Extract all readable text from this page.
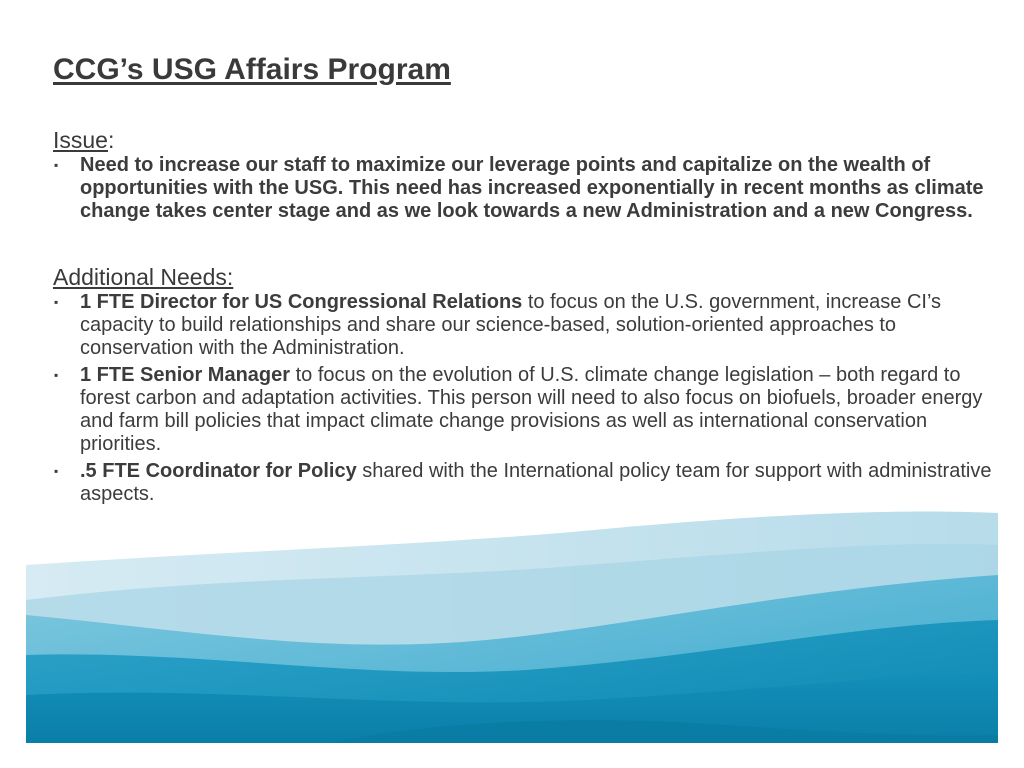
CCG’s USG Affairs Program
Issue:
▪ Need to increase our staff to maximize our leverage points and capitalize on the wealth of opportunities with the USG. This need has increased exponentially in recent months as climate change takes center stage and as we look towards a new Administration and a new Congress.
Additional Needs:
▪ 1 FTE Director for US Congressional Relations to focus on the U.S. government, increase CI’s capacity to build relationships and share our science-based, solution-oriented approaches to conservation with the Administration.
▪ 1 FTE Senior Manager to focus on the evolution of U.S. climate change legislation – both regard to forest carbon and adaptation activities. This person will need to also focus on biofuels, broader energy and farm bill policies that impact climate change provisions as well as international conservation priorities.
▪ .5 FTE Coordinator for Policy shared with the International policy team for support with administrative aspects.
